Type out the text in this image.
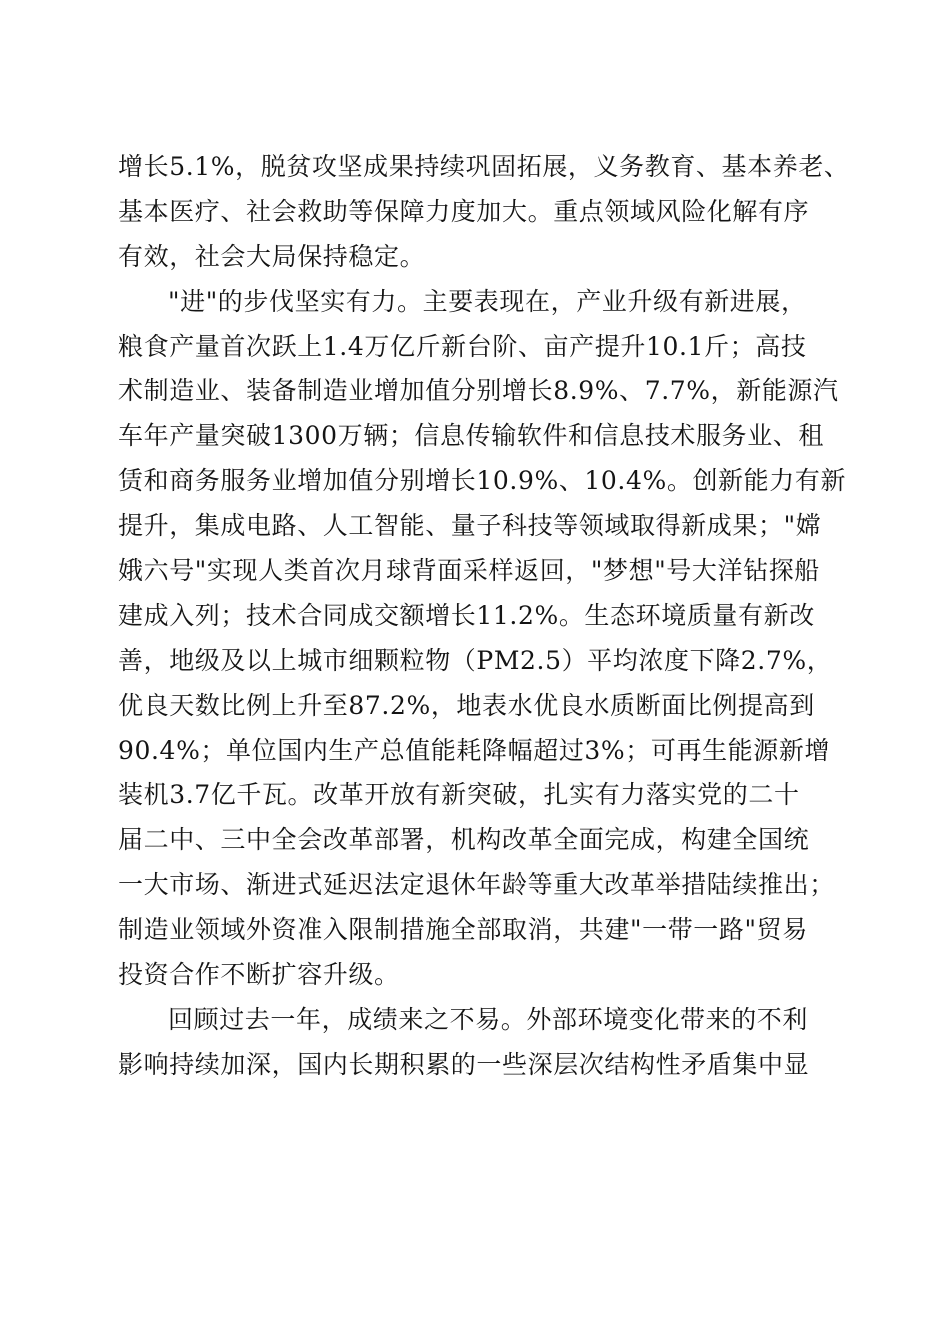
增长5.1%，脱贫攻坚成果持续巩固拓展，义务教育、基本养老、
基本医疗、社会救助等保障力度加大。重点领域风险化解有序
有效，社会大局保持稳定。
"进"的步伐坚实有力。主要表现在，产业升级有新进展，
粮食产量首次跃上1.4万亿斤新台阶、亩产提升10.1斤；高技
术制造业、装备制造业增加值分别增长8.9%、7.7%，新能源汽
车年产量突破1300万辆；信息传输软件和信息技术服务业、租
赁和商务服务业增加值分别增长10.9%、10.4%。创新能力有新
提升，集成电路、人工智能、量子科技等领域取得新成果；"嫦
娥六号"实现人类首次月球背面采样返回，"梦想"号大洋钻探船
建成入列；技术合同成交额增长11.2%。生态环境质量有新改
善，地级及以上城市细颗粒物（PM2.5）平均浓度下降2.7%，
优良天数比例上升至87.2%，地表水优良水质断面比例提高到
90.4%；单位国内生产总值能耗降幅超过3%；可再生能源新增
装机3.7亿千瓦。改革开放有新突破，扎实有力落实党的二十
届二中、三中全会改革部署，机构改革全面完成，构建全国统
一大市场、渐进式延迟法定退休年龄等重大改革举措陆续推出；
制造业领域外资准入限制措施全部取消，共建"一带一路"贸易
投资合作不断扩容升级。
回顾过去一年，成绩来之不易。外部环境变化带来的不利
影响持续加深，国内长期积累的一些深层次结构性矛盾集中显
